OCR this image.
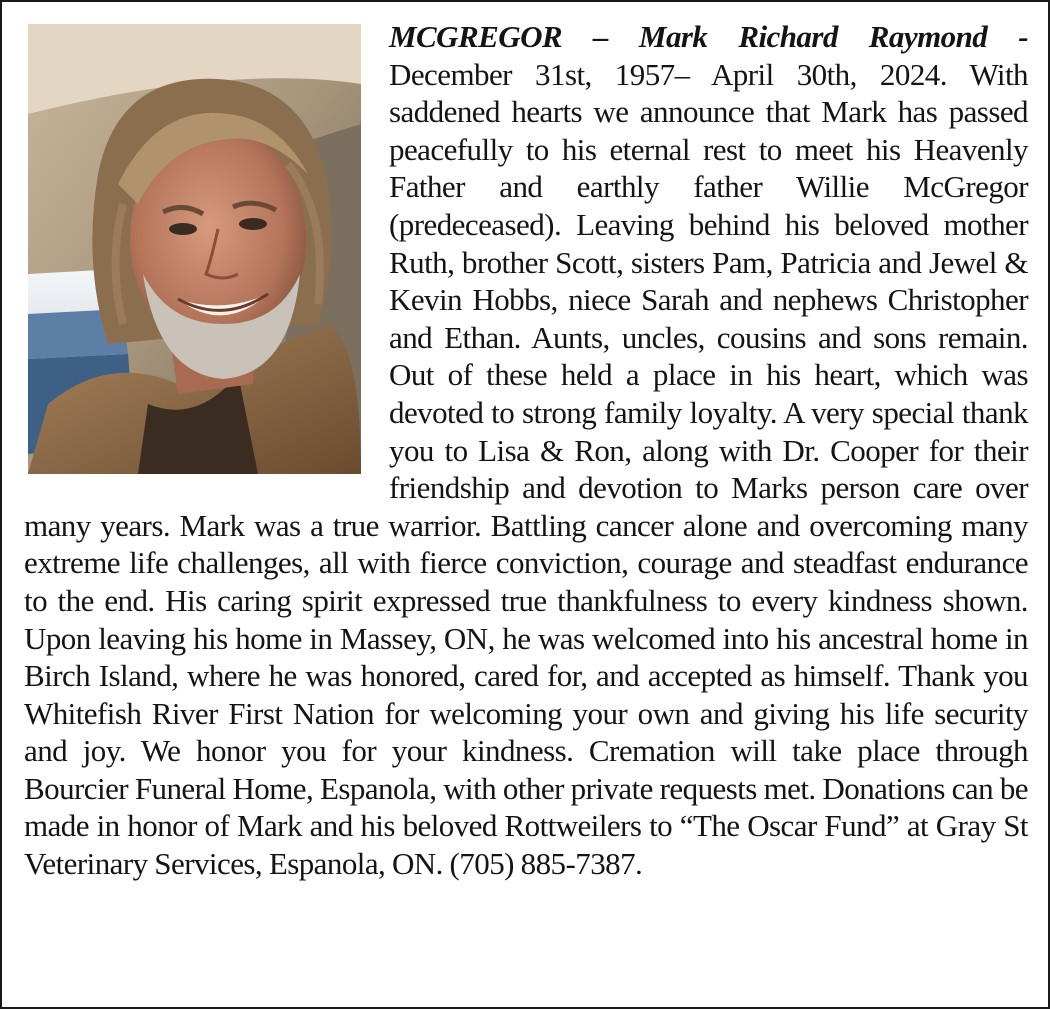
MCGREGOR – Mark Richard Raymond - December 31st, 1957– April 30th, 2024. With saddened hearts we announce that Mark has passed peacefully to his eternal rest to meet his Heavenly Father and earthly father Willie McGregor (predeceased). Leaving behind his beloved mother Ruth, brother Scott, sisters Pam, Patricia and Jewel & Kevin Hobbs, niece Sarah and nephews Christopher and Ethan. Aunts, uncles, cousins and sons remain. Out of these held a place in his heart, which was devoted to strong family loyalty. A very special thank you to Lisa & Ron, along with Dr. Cooper for their friendship and devotion to Marks person care over many years. Mark was a true warrior. Battling cancer alone and overcoming many extreme life challenges, all with fierce conviction, courage and steadfast endurance to the end. His caring spirit expressed true thankfulness to every kindness shown. Upon leaving his home in Massey, ON, he was welcomed into his ancestral home in Birch Island, where he was honored, cared for, and accepted as himself. Thank you Whitefish River First Nation for welcoming your own and giving his life security and joy. We honor you for your kindness. Cremation will take place through Bourcier Funeral Home, Espanola, with other private requests met. Donations can be made in honor of Mark and his beloved Rottweilers to “The Oscar Fund” at Gray St Veterinary Services, Espanola, ON. (705) 885-7387.
